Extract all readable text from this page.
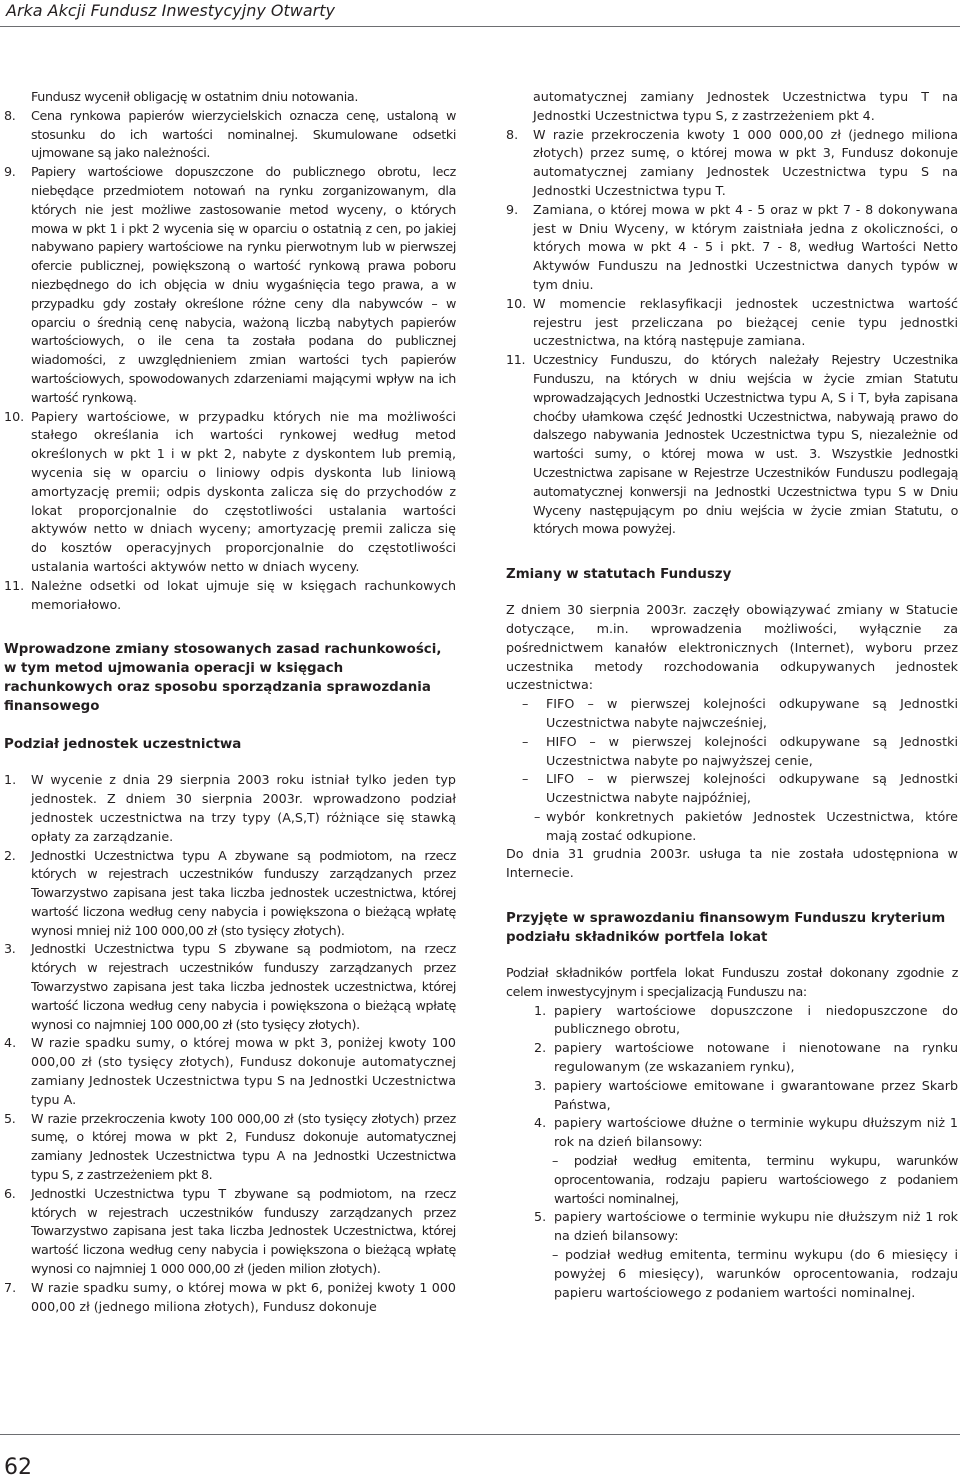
Arka Akcji Fundusz Inwestycyjny Otwarty

Fundusz wycenił obligację w ostatnim dniu notowania.

8. Cena rynkowa papierów wierzycielskich oznacza cenę, ustaloną w stosunku do ich wartości nominalnej. Skumulowane odsetki ujmowane są jako należności.
9. Papiery wartościowe dopuszczone do publicznego obrotu, lecz niebędące przedmiotem notowań na rynku zorganizowanym, dla których nie jest możliwe zastosowanie metod wyceny, o których mowa w pkt 1 i pkt 2 wycenia się w oparciu o ostatnią z cen, po jakiej nabywano papiery wartościowe na rynku pierwotnym lub w pierwszej ofercie publicznej, powiększoną o wartość rynkową prawa poboru niezbędnego do ich objęcia w dniu wygaśnięcia tego prawa, a w przypadku gdy zostały określone różne ceny dla nabywców – w oparciu o średnią cenę nabycia, ważoną liczbą nabytych papierów wartościowych, o ile cena ta została podana do publicznej wiadomości, z uwzględnieniem zmian wartości tych papierów wartościowych, spowodowanych zdarzeniami mającymi wpływ na ich wartość rynkową.
10. Papiery wartościowe, w przypadku których nie ma możliwości stałego określania ich wartości rynkowej według metod określonych w pkt 1 i w pkt 2, nabyte z dyskontem lub premią, wycenia się w oparciu o liniowy odpis dyskonta lub liniową amortyzację premii; odpis dyskonta zalicza się do przychodów z lokat proporcjonalnie do częstotliwości ustalania wartości aktywów netto w dniach wyceny; amortyzację premii zalicza się do kosztów operacyjnych proporcjonalnie do częstotliwości ustalania wartości aktywów netto w dniach wyceny.
11. Należne odsetki od lokat ujmuje się w księgach rachunkowych memoriałowo.
Wprowadzone zmiany stosowanych zasad rachunkowości, w tym metod ujmowania operacji w księgach rachunkowych oraz sposobu sporządzania sprawozdania finansowego
Podział jednostek uczestnictwa
1. W wycenie z dnia 29 sierpnia 2003 roku istniał tylko jeden typ jednostek. Z dniem 30 sierpnia 2003r. wprowadzono podział jednostek uczestnictwa na trzy typy (A,S,T) różniące się stawką opłaty za zarządzanie.
2. Jednostki Uczestnictwa typu A zbywane są podmiotom, na rzecz których w rejestrach uczestników funduszy zarządzanych przez Towarzystwo zapisana jest taka liczba jednostek uczestnictwa, której wartość liczona według ceny nabycia i powiększona o bieżącą wpłatę wynosi mniej niż 100 000,00 zł (sto tysięcy złotych).
3. Jednostki Uczestnictwa typu S zbywane są podmiotom, na rzecz których w rejestrach uczestników funduszy zarządzanych przez Towarzystwo zapisana jest taka liczba jednostek uczestnictwa, której wartość liczona według ceny nabycia i powiększona o bieżącą wpłatę wynosi co najmniej 100 000,00 zł (sto tysięcy złotych).
4. W razie spadku sumy, o której mowa w pkt 3, poniżej kwoty 100 000,00 zł (sto tysięcy złotych), Fundusz dokonuje automatycznej zamiany Jednostek Uczestnictwa typu S na Jednostki Uczestnictwa typu A.
5. W razie przekroczenia kwoty 100 000,00 zł (sto tysięcy złotych) przez sumę, o której mowa w pkt 2, Fundusz dokonuje automatycznej zamiany Jednostek Uczestnictwa typu A na Jednostki Uczestnictwa typu S, z zastrzeżeniem pkt 8.
6. Jednostki Uczestnictwa typu T zbywane są podmiotom, na rzecz których w rejestrach uczestników funduszy zarządzanych przez Towarzystwo zapisana jest taka liczba Jednostek Uczestnictwa, której wartość liczona według ceny nabycia i powiększona o bieżącą wpłatę wynosi co najmniej 1 000 000,00 zł (jeden milion złotych).
7. W razie spadku sumy, o której mowa w pkt 6, poniżej kwoty 1 000 000,00 zł (jednego miliona złotych), Fundusz dokonuje

automatycznej zamiany Jednostek Uczestnictwa typu T na Jednostki Uczestnictwa typu S, z zastrzeżeniem pkt 4.

8. W razie przekroczenia kwoty 1 000 000,00 zł (jednego miliona złotych) przez sumę, o której mowa w pkt 3, Fundusz dokonuje automatycznej zamiany Jednostek Uczestnictwa typu S na Jednostki Uczestnictwa typu T.
9. Zamiana, o której mowa w pkt 4 - 5 oraz w pkt 7 - 8 dokonywana jest w Dniu Wyceny, w którym zaistniała jedna z okoliczności, o których mowa w pkt 4 - 5 i pkt. 7 - 8, według Wartości Netto Aktywów Funduszu na Jednostki Uczestnictwa danych typów w tym dniu.
10. W momencie reklasyfikacji jednostek uczestnictwa wartość rejestru jest przeliczana po bieżącej cenie typu jednostki uczestnictwa, na którą następuje zamiana.
11. Uczestnicy Funduszu, do których należały Rejestry Uczestnika Funduszu, na których w dniu wejścia w życie zmian Statutu wprowadzających Jednostki Uczestnictwa typu A, S i T, była zapisana choćby ułamkowa część Jednostki Uczestnictwa, nabywają prawo do dalszego nabywania Jednostek Uczestnictwa typu S, niezależnie od wartości sumy, o której mowa w ust. 3. Wszystkie Jednostki Uczestnictwa zapisane w Rejestrze Uczestników Funduszu podlegają automatycznej konwersji na Jednostki Uczestnictwa typu S w Dniu Wyceny następującym po dniu wejścia w życie zmian Statutu, o których mowa powyżej.
Zmiany w statutach Funduszy

Z dniem 30 sierpnia 2003r. zaczęły obowiązywać zmiany w Statucie dotyczące, m.in. wprowadzenia możliwości, wyłącznie za pośrednictwem kanałów elektronicznych (Internet), wyboru przez uczestnika metody rozchodowania odkupywanych jednostek uczestnictwa:

– FIFO – w pierwszej kolejności odkupywane są Jednostki Uczestnictwa nabyte najwcześniej,
– HIFO – w pierwszej kolejności odkupywane są Jednostki Uczestnictwa nabyte po najwyższej cenie,
– LIFO – w pierwszej kolejności odkupywane są Jednostki Uczestnictwa nabyte najpóźniej,
– wybór konkretnych pakietów Jednostek Uczestnictwa, które mają zostać odkupione.

Do dnia 31 grudnia 2003r. usługa ta nie została udostępniona w Internecie.

Przyjęte w sprawozdaniu finansowym Funduszu kryterium podziału składników portfela lokat

Podział składników portfela lokat Funduszu został dokonany zgodnie z celem inwestycyjnym i specjalizacją Funduszu na:

1. papiery wartościowe dopuszczone i niedopuszczone do publicznego obrotu,
2. papiery wartościowe notowane i nienotowane na rynku regulowanym (ze wskazaniem rynku),
3. papiery wartościowe emitowane i gwarantowane przez Skarb Państwa,
4. papiery wartościowe dłużne o terminie wykupu dłuższym niż 1 rok na dzień bilansowy:
– podział według emitenta, terminu wykupu, warunków oprocentowania, rodzaju papieru wartościowego z podaniem wartości nominalnej,
5. papiery wartościowe o terminie wykupu nie dłuższym niż 1 rok na dzień bilansowy:
– podział według emitenta, terminu wykupu (do 6 miesięcy i powyżej 6 miesięcy), warunków oprocentowania, rodzaju papieru wartościowego z podaniem wartości nominalnej.
62
